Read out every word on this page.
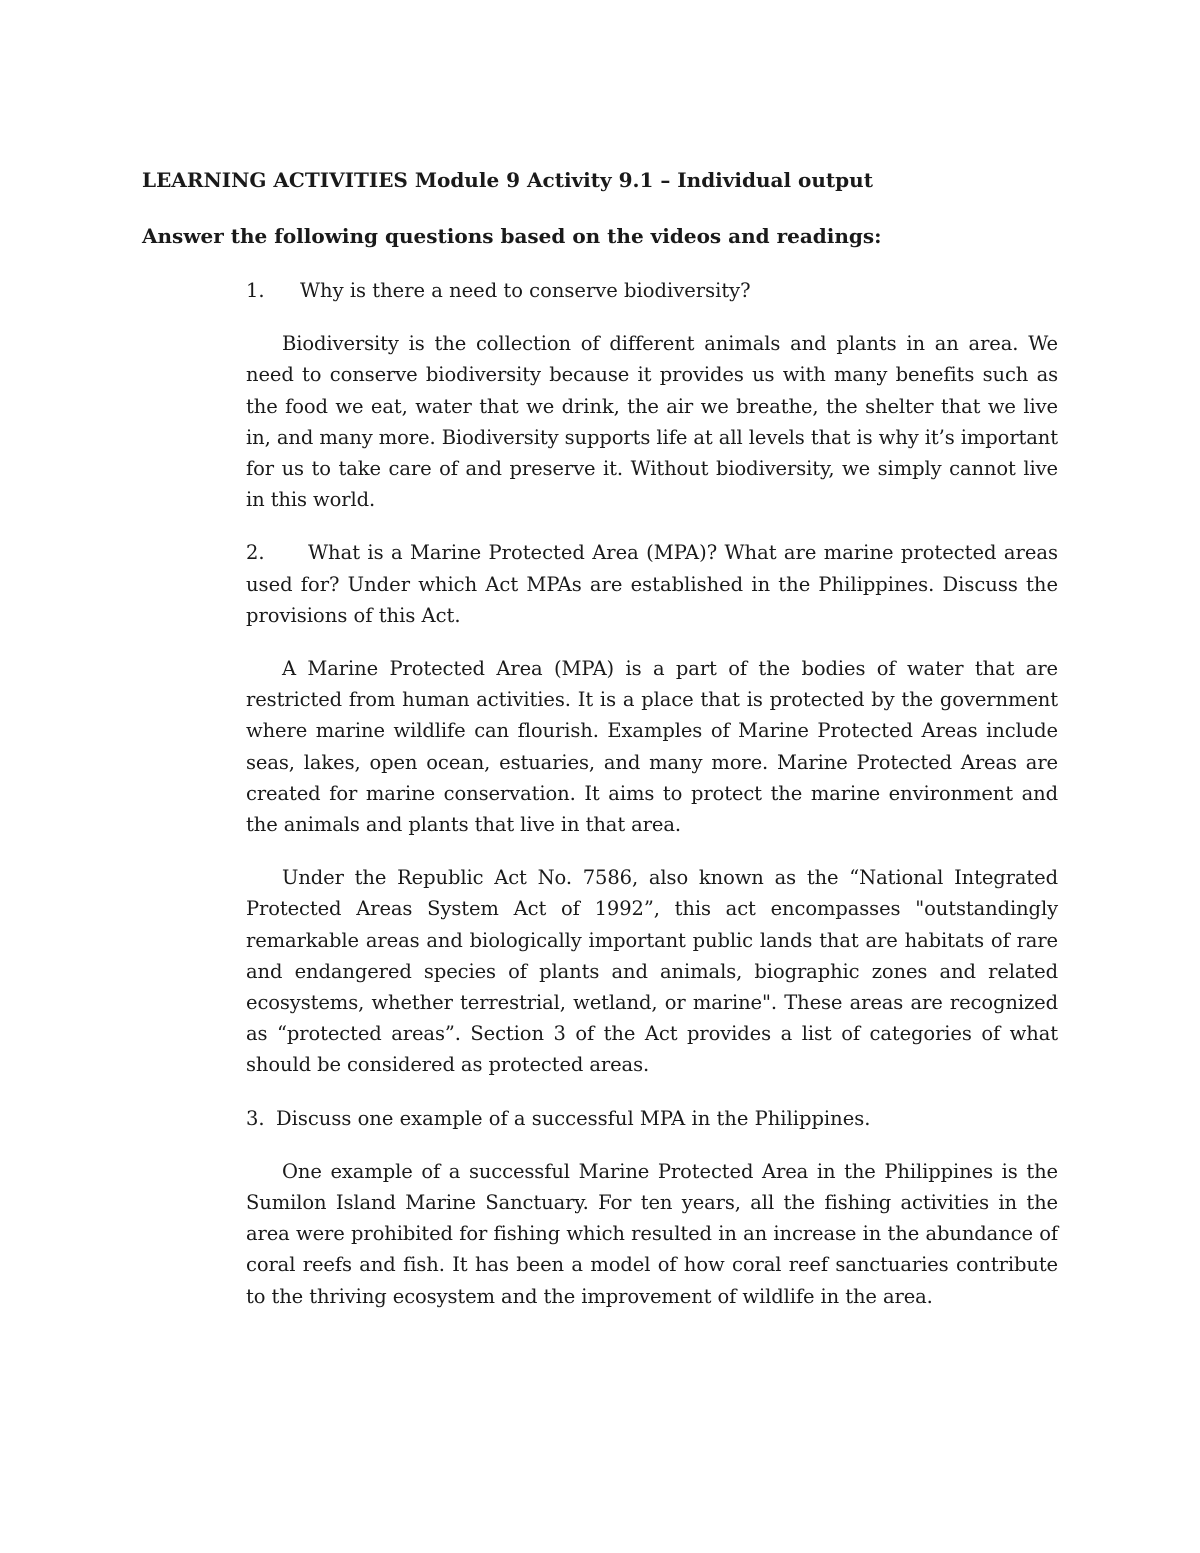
LEARNING ACTIVITIES Module 9 Activity 9.1 – Individual output
Answer the following questions based on the videos and readings:
1.	Why is there a need to conserve biodiversity?

Biodiversity is the collection of different animals and plants in an area. We need to conserve biodiversity because it provides us with many benefits such as the food we eat, water that we drink, the air we breathe, the shelter that we live in, and many more. Biodiversity supports life at all levels that is why it’s important for us to take care of and preserve it. Without biodiversity, we simply cannot live in this world.

2. What is a Marine Protected Area (MPA)? What are marine protected areas used for? Under which Act MPAs are established in the Philippines. Discuss the provisions of this Act.

A Marine Protected Area (MPA) is a part of the bodies of water that are restricted from human activities. It is a place that is protected by the government where marine wildlife can flourish. Examples of Marine Protected Areas include seas, lakes, open ocean, estuaries, and many more. Marine Protected Areas are created for marine conservation. It aims to protect the marine environment and the animals and plants that live in that area.

Under the Republic Act No. 7586, also known as the “National Integrated Protected Areas System Act of 1992”, this act encompasses "outstandingly remarkable areas and biologically important public lands that are habitats of rare and endangered species of plants and animals, biographic zones and related ecosystems, whether terrestrial, wetland, or marine". These areas are recognized as “protected areas”. Section 3 of the Act provides a list of categories of what should be considered as protected areas.

3. Discuss one example of a successful MPA in the Philippines.

One example of a successful Marine Protected Area in the Philippines is the Sumilon Island Marine Sanctuary. For ten years, all the fishing activities in the area were prohibited for fishing which resulted in an increase in the abundance of coral reefs and fish. It has been a model of how coral reef sanctuaries contribute to the thriving ecosystem and the improvement of wildlife in the area.
